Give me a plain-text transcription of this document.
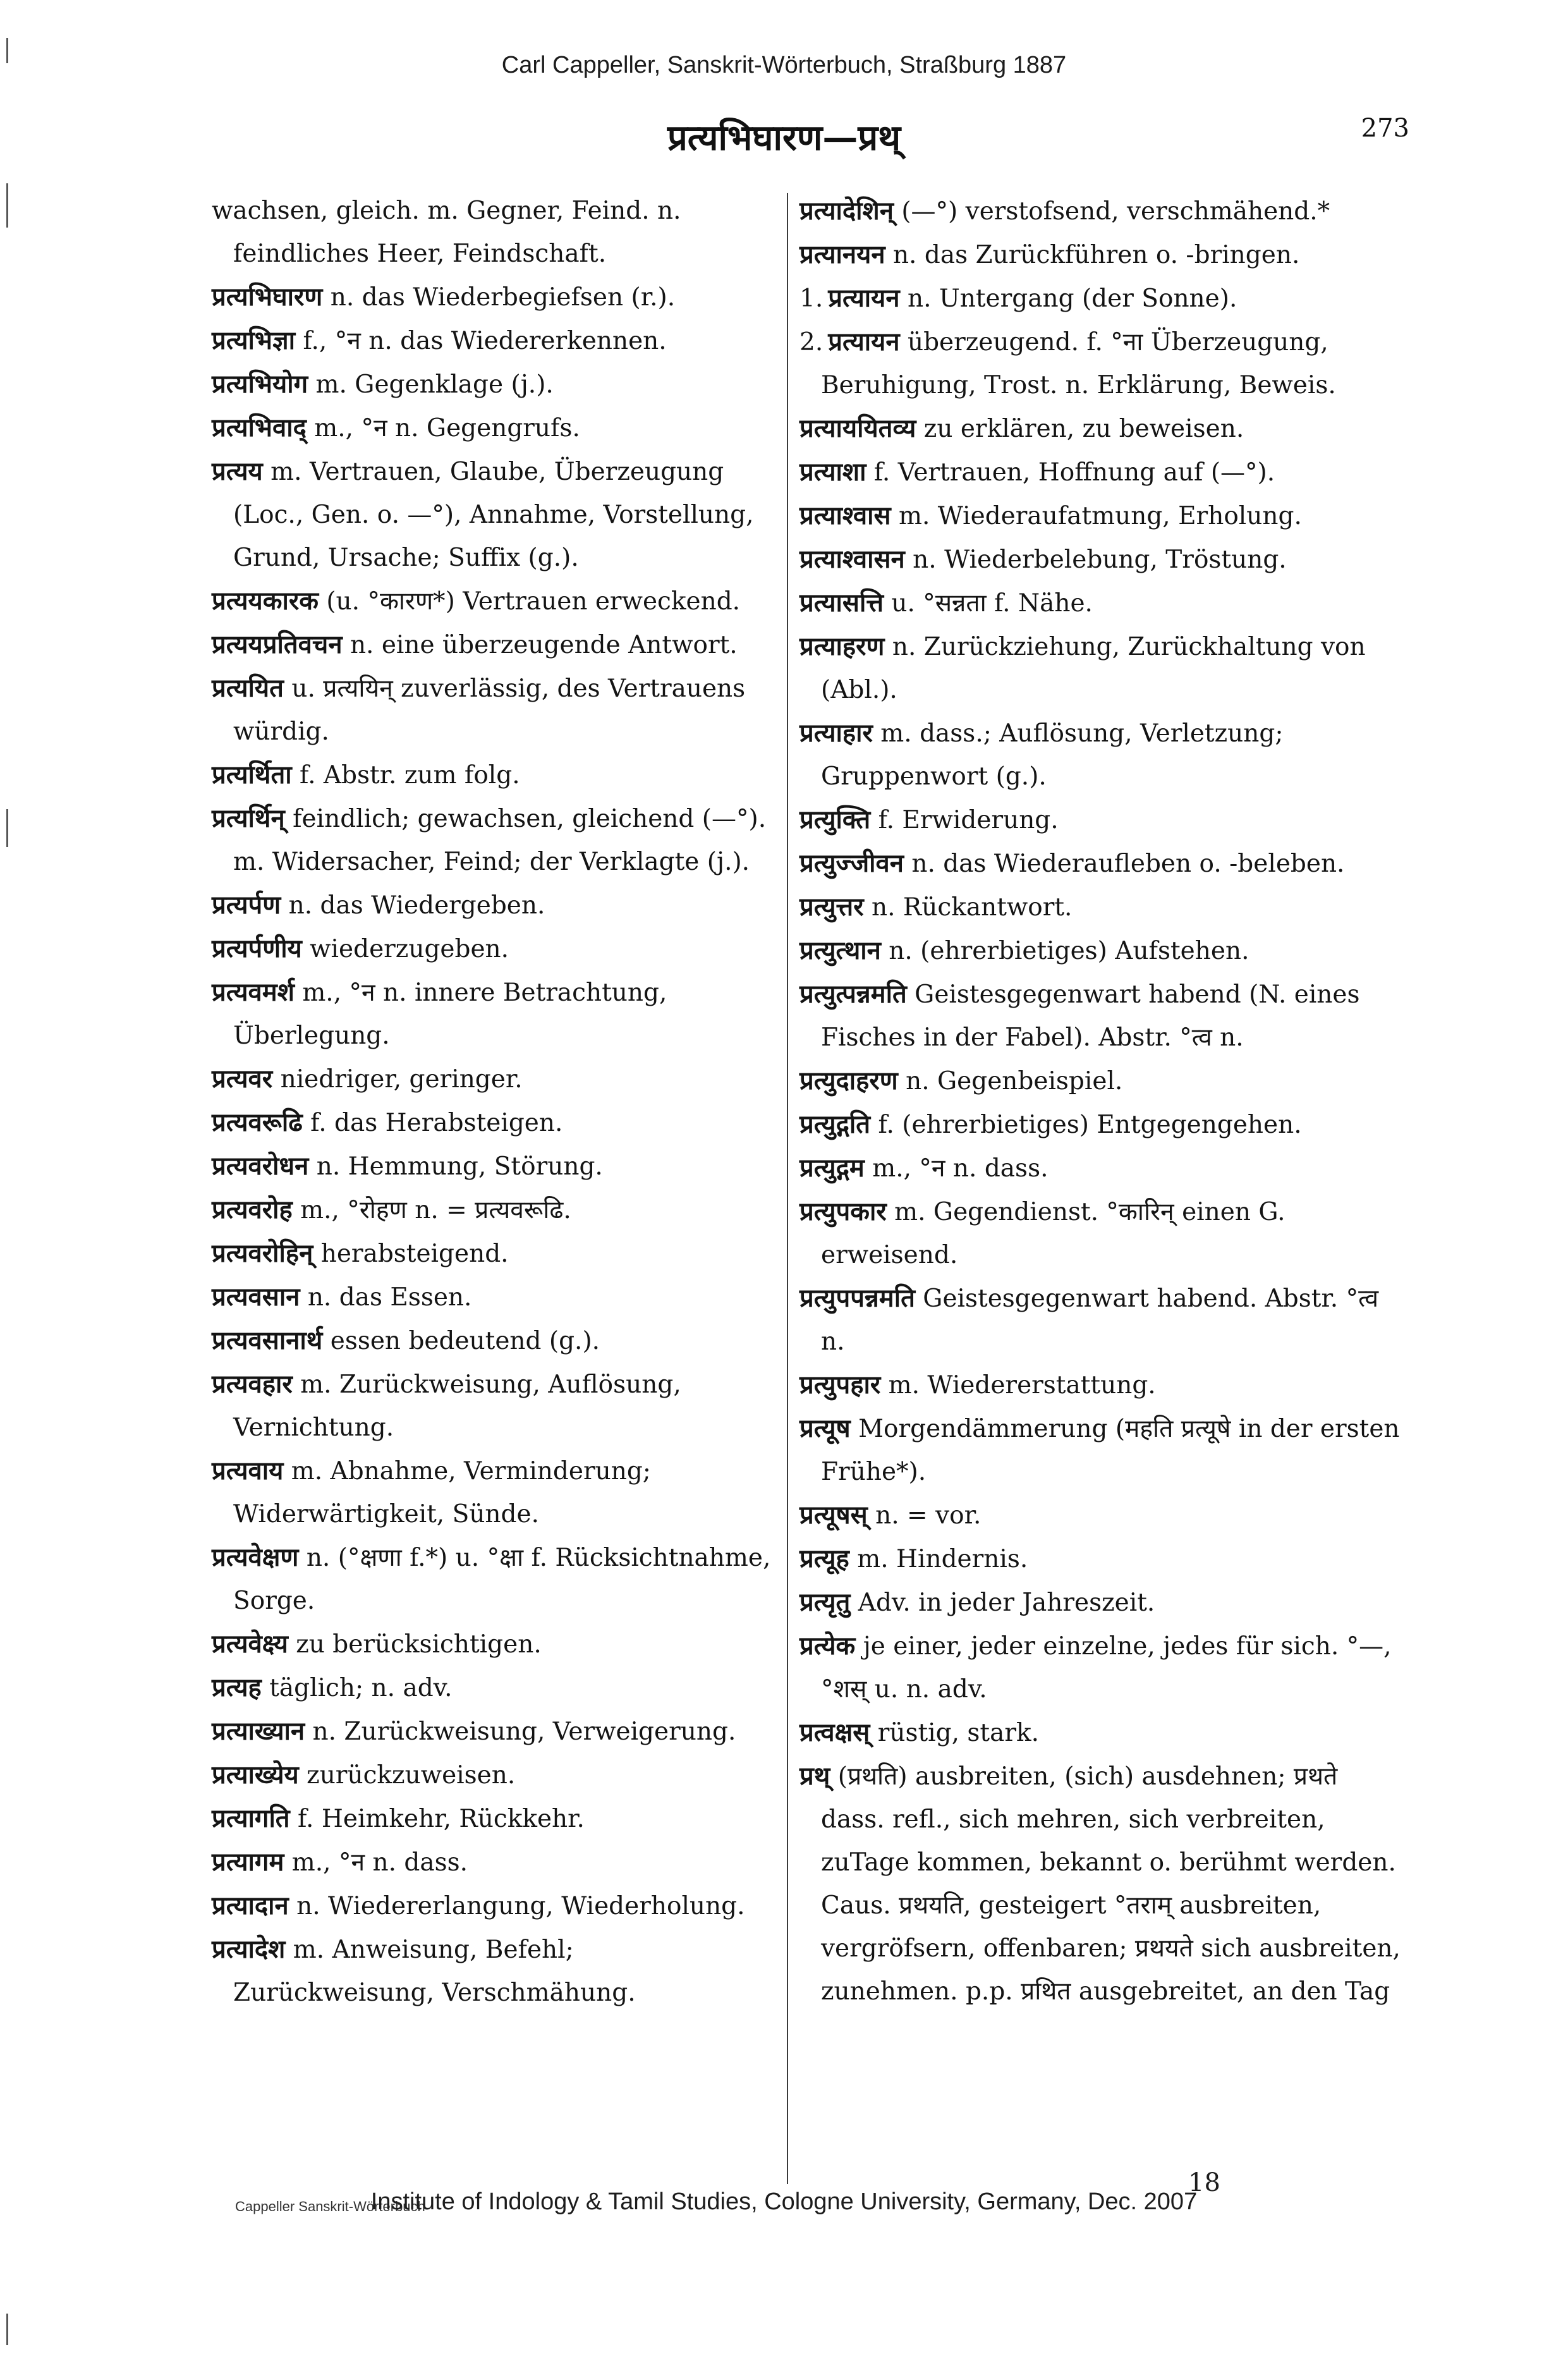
Carl Cappeller, Sanskrit-Wörterbuch, Straßburg 1887
प्रत्यभिघारण—प्रथ्	273

wachsen, gleich. m. Gegner, Feind. n. feindliches Heer, Feindschaft.

प्रत्यभिघारण n. das Wiederbegiefsen (r.).

प्रत्यभिज्ञा f., °न n. das Wiedererkennen.

प्रत्यभियोग m. Gegenklage (j.).

प्रत्यभिवाद् m., °न n. Gegengrufs.

प्रत्यय m. Vertrauen, Glaube, Überzeugung (Loc., Gen. o. —°), Annahme, Vorstellung, Grund, Ursache; Suffix (g.).

प्रत्ययकारक (u. °कारण*) Vertrauen erweckend.

प्रत्ययप्रतिवचन n. eine überzeugende Antwort.

प्रत्ययित u. प्रत्ययिन् zuverlässig, des Vertrauens würdig.

प्रत्यर्थिता f. Abstr. zum folg.

प्रत्यर्थिन् feindlich; gewachsen, gleichend (—°). m. Widersacher, Feind; der Verklagte (j.).

प्रत्यर्पण n. das Wiedergeben.

प्रत्यर्पणीय wiederzugeben.

प्रत्यवमर्श m., °न n. innere Betrachtung, Überlegung.

प्रत्यवर niedriger, geringer.

प्रत्यवरूढि f. das Herabsteigen.

प्रत्यवरोधन n. Hemmung, Störung.

प्रत्यवरोह m., °रोहण n. = प्रत्यवरूढि.

प्रत्यवरोहिन् herabsteigend.

प्रत्यवसान n. das Essen.

प्रत्यवसानार्थ essen bedeutend (g.).

प्रत्यवहार m. Zurückweisung, Auflösung, Vernichtung.

प्रत्यवाय m. Abnahme, Verminderung; Widerwärtigkeit, Sünde.

प्रत्यवेक्षण n. (°क्षणा f.*) u. °क्षा f. Rücksichtnahme, Sorge.

प्रत्यवेक्ष्य zu berücksichtigen.

प्रत्यह täglich; n. adv.

प्रत्याख्यान n. Zurückweisung, Verweigerung.

प्रत्याख्येय zurückzuweisen.

प्रत्यागति f. Heimkehr, Rückkehr.

प्रत्यागम m., °न n. dass.

प्रत्यादान n. Wiedererlangung, Wiederholung.

प्रत्यादेश m. Anweisung, Befehl; Zurückweisung, Verschmähung.

प्रत्यादेशिन् (—°) verstofsend, verschmähend.*

प्रत्यानयन n. das Zurückführen o. -bringen.

1. प्रत्यायन n. Untergang (der Sonne).

2. प्रत्यायन überzeugend. f. °ना Überzeugung, Beruhigung, Trost. n. Erklärung, Beweis.

प्रत्याययितव्य zu erklären, zu beweisen.

प्रत्याशा f. Vertrauen, Hoffnung auf (—°).

प्रत्याश्वास m. Wiederaufatmung, Erholung.

प्रत्याश्वासन n. Wiederbelebung, Tröstung.

प्रत्यासत्ति u. °सन्नता f. Nähe.

प्रत्याहरण n. Zurückziehung, Zurückhaltung von (Abl.).

प्रत्याहार m. dass.; Auflösung, Verletzung; Gruppenwort (g.).

प्रत्युक्ति f. Erwiderung.

प्रत्युज्जीवन n. das Wiederaufleben o. -beleben.

प्रत्युत्तर n. Rückantwort.

प्रत्युत्थान n. (ehrerbietiges) Aufstehen.

प्रत्युत्पन्नमति Geistesgegenwart habend (N. eines Fisches in der Fabel). Abstr. °त्व n.

प्रत्युदाहरण n. Gegenbeispiel.

प्रत्युद्गति f. (ehrerbietiges) Entgegengehen.

प्रत्युद्गम m., °न n. dass.

प्रत्युपकार m. Gegendienst. °कारिन् einen G. erweisend.

प्रत्युपपन्नमति Geistesgegenwart habend. Abstr. °त्व n.

प्रत्युपहार m. Wiedererstattung.

प्रत्यूष Morgendämmerung (महति प्रत्यूषे in der ersten Frühe*).

प्रत्यूषस् n. = vor.

प्रत्यूह m. Hindernis.

प्रत्यृतु Adv. in jeder Jahreszeit.

प्रत्येक je einer, jeder einzelne, jedes für sich. °—, °शस् u. n. adv.

प्रत्वक्षस् rüstig, stark.

प्रथ् (प्रथति) ausbreiten, (sich) ausdehnen; प्रथते dass. refl., sich mehren, sich verbreiten, zuTage kommen, bekannt o. berühmt werden. Caus. प्रथयति, gesteigert °तराम् ausbreiten, vergröfsern, offenbaren; प्रथयते sich ausbreiten, zunehmen. p.p. प्रथित ausgebreitet, an den Tag

18
Cappeller Sanskrit-Wörterbuch
Institute of Indology & Tamil Studies, Cologne University, Germany, Dec. 2007
